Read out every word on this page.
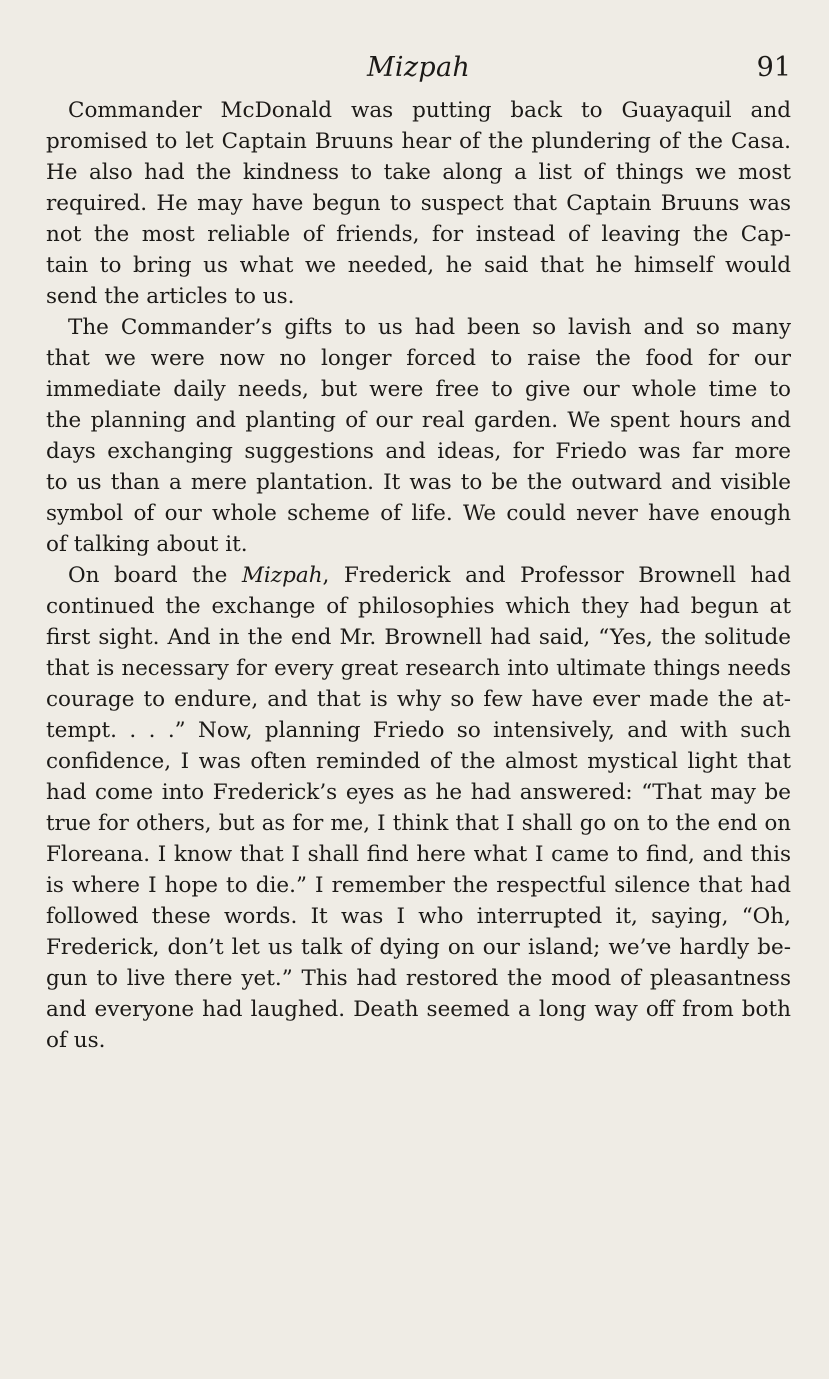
Mizpah	91
Commander McDonald was putting back to Guayaquil and
promised to let Captain Bruuns hear of the plundering of the Casa.
He also had the kindness to take along a list of things we most
required. He may have begun to suspect that Captain Bruuns was
not the most reliable of friends, for instead of leaving the Cap-
tain to bring us what we needed, he said that he himself would
send the articles to us.
The Commander’s gifts to us had been so lavish and so many
that we were now no longer forced to raise the food for our
immediate daily needs, but were free to give our whole time to
the planning and planting of our real garden. We spent hours and
days exchanging suggestions and ideas, for Friedo was far more
to us than a mere plantation. It was to be the outward and visible
symbol of our whole scheme of life. We could never have enough
of talking about it.
On board the Mizpah, Frederick and Professor Brownell had
continued the exchange of philosophies which they had begun at
first sight. And in the end Mr. Brownell had said, “Yes, the solitude
that is necessary for every great research into ultimate things needs
courage to endure, and that is why so few have ever made the at-
tempt. . . .” Now, planning Friedo so intensively, and with such
confidence, I was often reminded of the almost mystical light that
had come into Frederick’s eyes as he had answered: “That may be
true for others, but as for me, I think that I shall go on to the end on
Floreana. I know that I shall find here what I came to find, and this
is where I hope to die.” I remember the respectful silence that had
followed these words. It was I who interrupted it, saying, “Oh,
Frederick, don’t let us talk of dying on our island; we’ve hardly be-
gun to live there yet.” This had restored the mood of pleasantness
and everyone had laughed. Death seemed a long way off from both
of us.
